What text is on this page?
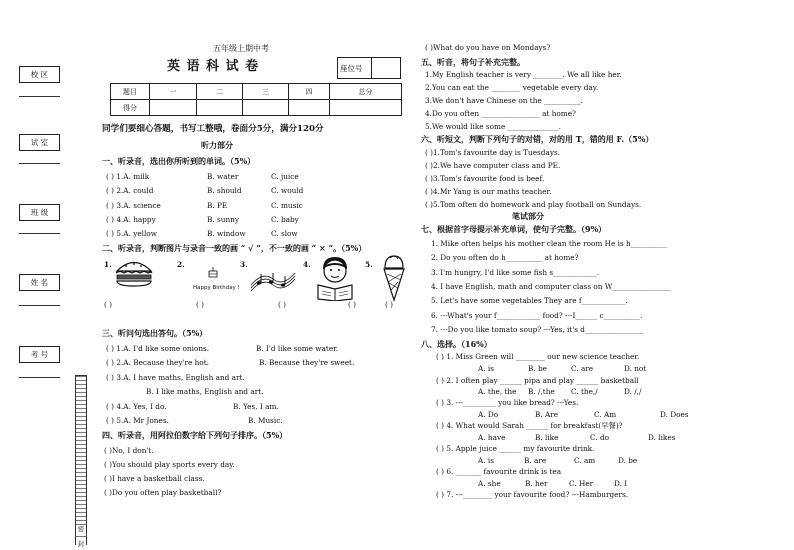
校 区
试 室
班 级
姓 名
考 号
密
封
五年级上期中考
英 语 科 试 卷	座位号
题目	一	二	三	四	总分
得分					
同学们要细心答题，书写工整哦，卷面分5分，满分120分
听力部分
一、听录音，选出你所听到的单词。（5%）
( ) 1.A. milk	B. water	C. juice
( ) 2.A. could	B. should	C. would
( ) 3.A. science	B. PE	C. music
( ) 4.A. happy	B. sunny	C. baby
( ) 5.A. yellow	B. window	C. slow
二、听录音，判断图片与录音一致的画 “ √ ”，不一致的画 “ × ”。（5%）
1.	2.	3.	4.	5.
Happy Birthday !
( )	( )	( )	( )	( )
三、听问句选出答句。（5%）
( ) 1.A. I'd like some onions.	B. I'd like some water.
( ) 2.A. Because they're hot.	B. Because they're sweet.
( ) 3.A. I have maths, English and art.
B. I like maths, English and art.
( ) 4.A. Yes, I do.	B. Yes, I am.
( ) 5.A. Mr Jones.	B. Music.
四、听录音，用阿拉伯数字给下列句子排序。（5%）
( )No, I don't.
( )You should play sports every day.
( )I have a basketball class.
( )Do you often play basketball?
( )What do you have on Mondays?
五、听音，将句子补充完整。
1.My English teacher is very ________. We all like her.
2.You can eat the ________ vegetable every day.
3.We don't have Chinese on the __________.
4.Do you often ________________ at home?
5.We would like some ______________.
六、听短文，判断下列句子的对错，对的用 T，错的用 F.（5%）
( )1.Tom's favourite day is Tuesdays.
( )2.We have computer class and PE.
( )3.Tom's favourite food is beef.
( )4.Mr Yang is our maths teacher.
( )5.Tom often do homework and play football on Sundays.
笔试部分
七、根据首字母提示补充单词，使句子完整。（9%）
1. Mike often helps his mother clean the room He is h__________
2. Do you often do h__________ at home?
3. I'm hungry, I'd like some fish s____________.
4. I have English, math and computer class on W________________
5. Let's have some vegetables They are f____________.
6. ---What's your f____________ food? ---I______ c__________.
7. ---Do you like tomato soup? ---Yes, it's d________________
八、选择。（16%）
( ) 1. Miss Green will ________ our new science teacher.
A. is	B. be	C. are	D. not
( ) 2. I often play ______ pipa and play ______ basketball
A. the, the B. /,the C. the,/	D. /,/
( ) 3. ---_________ you like bread? ---Yes.
A. Do	B. Are	C. Am	D. Does
( ) 4. What would Sarah ______ for breakfast(早餐)?
A. have	B. like	C. do	D. likes
( ) 5. Apple juice ______ my favourite drink.
A. is	B. are	C. am	D. be
( ) 6. _______ favourite drink is tea
A. she	B. her	C. Her	D. I
( ) 7. ---________ your favourite food? ---Hamburgers.
